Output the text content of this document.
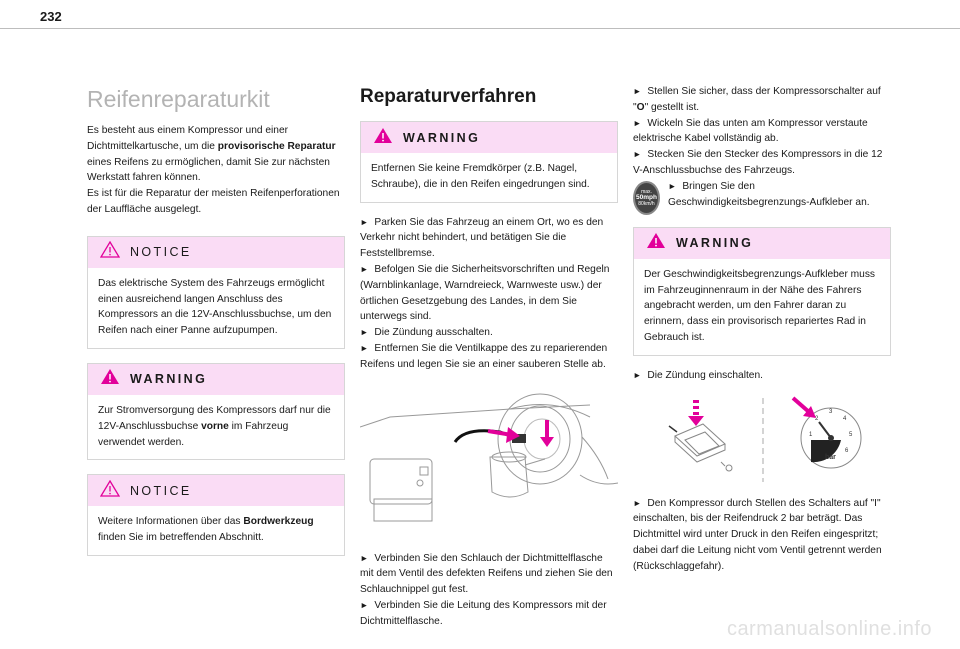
232
Reifenreparaturkit

Es besteht aus einem Kompressor und einer Dichtmittelkartusche, um die provisorische Reparatur eines Reifens zu ermöglichen, damit Sie zur nächsten Werkstatt fahren können.
Es ist für die Reparatur der meisten Reifenperforationen der Lauffläche ausgelegt.

NOTICE

Das elektrische System des Fahrzeugs ermöglicht einen ausreichend langen Anschluss des Kompressors an die 12V-Anschlussbuchse, um den Reifen nach einer Panne aufzupumpen.

WARNING

Zur Stromversorgung des Kompressors darf nur die 12V-Anschlussbuchse vorne im Fahrzeug verwendet werden.

NOTICE

Weitere Informationen über das Bordwerkzeug finden Sie im betreffenden Abschnitt.

Reparaturverfahren
WARNING

Entfernen Sie keine Fremdkörper (z.B. Nagel, Schraube), die in den Reifen eingedrungen sind.

► Parken Sie das Fahrzeug an einem Ort, wo es den Verkehr nicht behindert, und betätigen Sie die Feststellbremse.
► Befolgen Sie die Sicherheitsvorschriften und Regeln (Warnblinkanlage, Warndreieck, Warnweste usw.) der örtlichen Gesetzgebung des Landes, in dem Sie unterwegs sind.
► Die Zündung ausschalten.
► Entfernen Sie die Ventilkappe des zu reparierenden Reifens und legen Sie sie an einer sauberen Stelle ab.

► Verbinden Sie den Schlauch der Dichtmittelflasche mit dem Ventil des defekten Reifens und ziehen Sie den Schlauchnippel gut fest.
► Verbinden Sie die Leitung des Kompressors mit der Dichtmittelflasche.

► Stellen Sie sicher, dass der Kompressorschalter auf "O" gestellt ist.
► Wickeln Sie das unten am Kompressor verstaute elektrische Kabel vollständig ab.
► Stecken Sie den Stecker des Kompressors in die 12 V-Anschlussbuchse des Fahrzeugs.

max.
50mph
80km/h

► Bringen Sie den Geschwindigkeitsbegrenzungs-Aufkleber an.

WARNING

Der Geschwindigkeitsbegrenzungs-Aufkleber muss im Fahrzeuginnenraum in der Nähe des Fahrers angebracht werden, um den Fahrer daran zu erinnern, dass ein provisorisch repariertes Rad in Gebrauch ist.

► Die Zündung einschalten.

1
2
3
4
5
6
bar

► Den Kompressor durch Stellen des Schalters auf "I" einschalten, bis der Reifendruck 2 bar beträgt. Das Dichtmittel wird unter Druck in den Reifen eingespritzt; dabei darf die Leitung nicht vom Ventil getrennt werden (Rückschlaggefahr).

carmanualsonline.info
